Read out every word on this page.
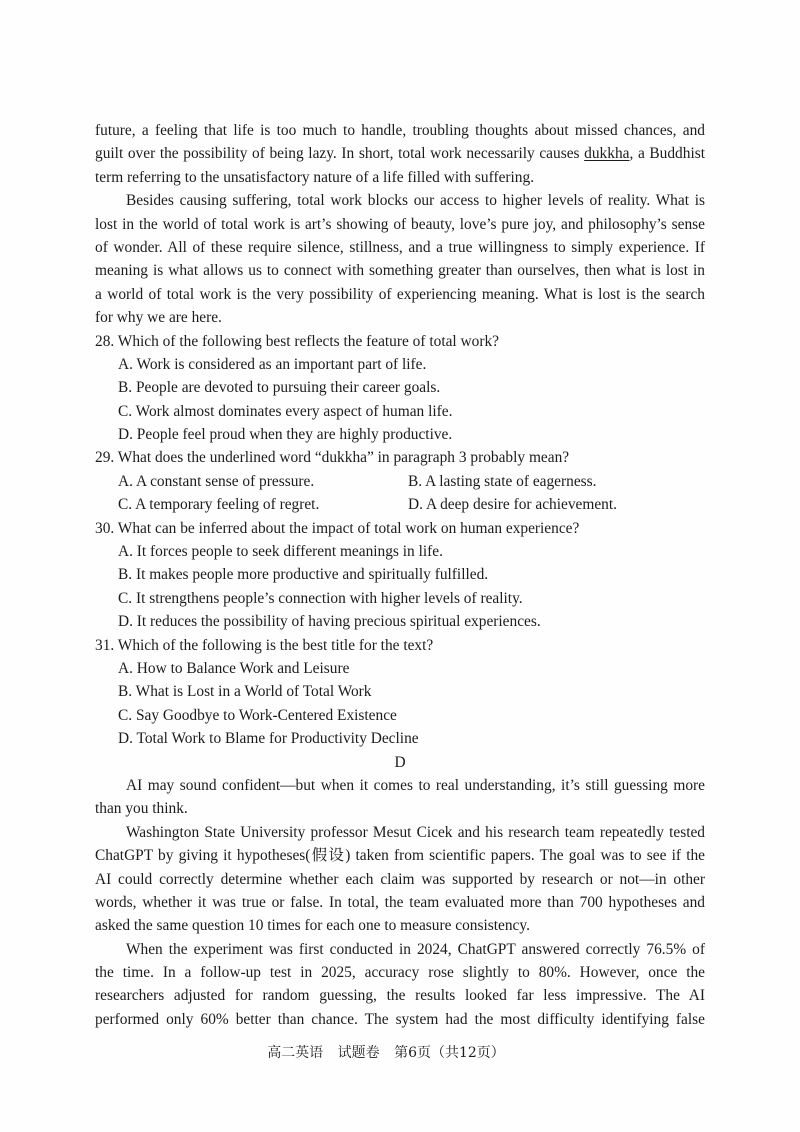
future, a feeling that life is too much to handle, troubling thoughts about missed chances, and
guilt over the possibility of being lazy. In short, total work necessarily causes dukkha, a Buddhist
term referring to the unsatisfactory nature of a life filled with suffering.
Besides causing suffering, total work blocks our access to higher levels of reality. What is
lost in the world of total work is art’s showing of beauty, love’s pure joy, and philosophy’s sense
of wonder. All of these require silence, stillness, and a true willingness to simply experience. If
meaning is what allows us to connect with something greater than ourselves, then what is lost in
a world of total work is the very possibility of experiencing meaning. What is lost is the search
for why we are here.
28. Which of the following best reflects the feature of total work?
A. Work is considered as an important part of life.
B. People are devoted to pursuing their career goals.
C. Work almost dominates every aspect of human life.
D. People feel proud when they are highly productive.
29. What does the underlined word “dukkha” in paragraph 3 probably mean?
A. A constant sense of pressure.	B. A lasting state of eagerness.
C. A temporary feeling of regret.	D. A deep desire for achievement.
30. What can be inferred about the impact of total work on human experience?
A. It forces people to seek different meanings in life.
B. It makes people more productive and spiritually fulfilled.
C. It strengthens people’s connection with higher levels of reality.
D. It reduces the possibility of having precious spiritual experiences.
31. Which of the following is the best title for the text?
A. How to Balance Work and Leisure
B. What is Lost in a World of Total Work
C. Say Goodbye to Work-Centered Existence
D. Total Work to Blame for Productivity Decline
D
AI may sound confident—but when it comes to real understanding, it’s still guessing more
than you think.
Washington State University professor Mesut Cicek and his research team repeatedly tested
ChatGPT by giving it hypotheses(假设) taken from scientific papers. The goal was to see if the
AI could correctly determine whether each claim was supported by research or not—in other
words, whether it was true or false. In total, the team evaluated more than 700 hypotheses and
asked the same question 10 times for each one to measure consistency.
When the experiment was first conducted in 2024, ChatGPT answered correctly 76.5% of
the time. In a follow-up test in 2025, accuracy rose slightly to 80%. However, once the
researchers adjusted for random guessing, the results looked far less impressive. The AI
performed only 60% better than chance. The system had the most difficulty identifying false
高二英语 试题卷 第6页（共12页）
